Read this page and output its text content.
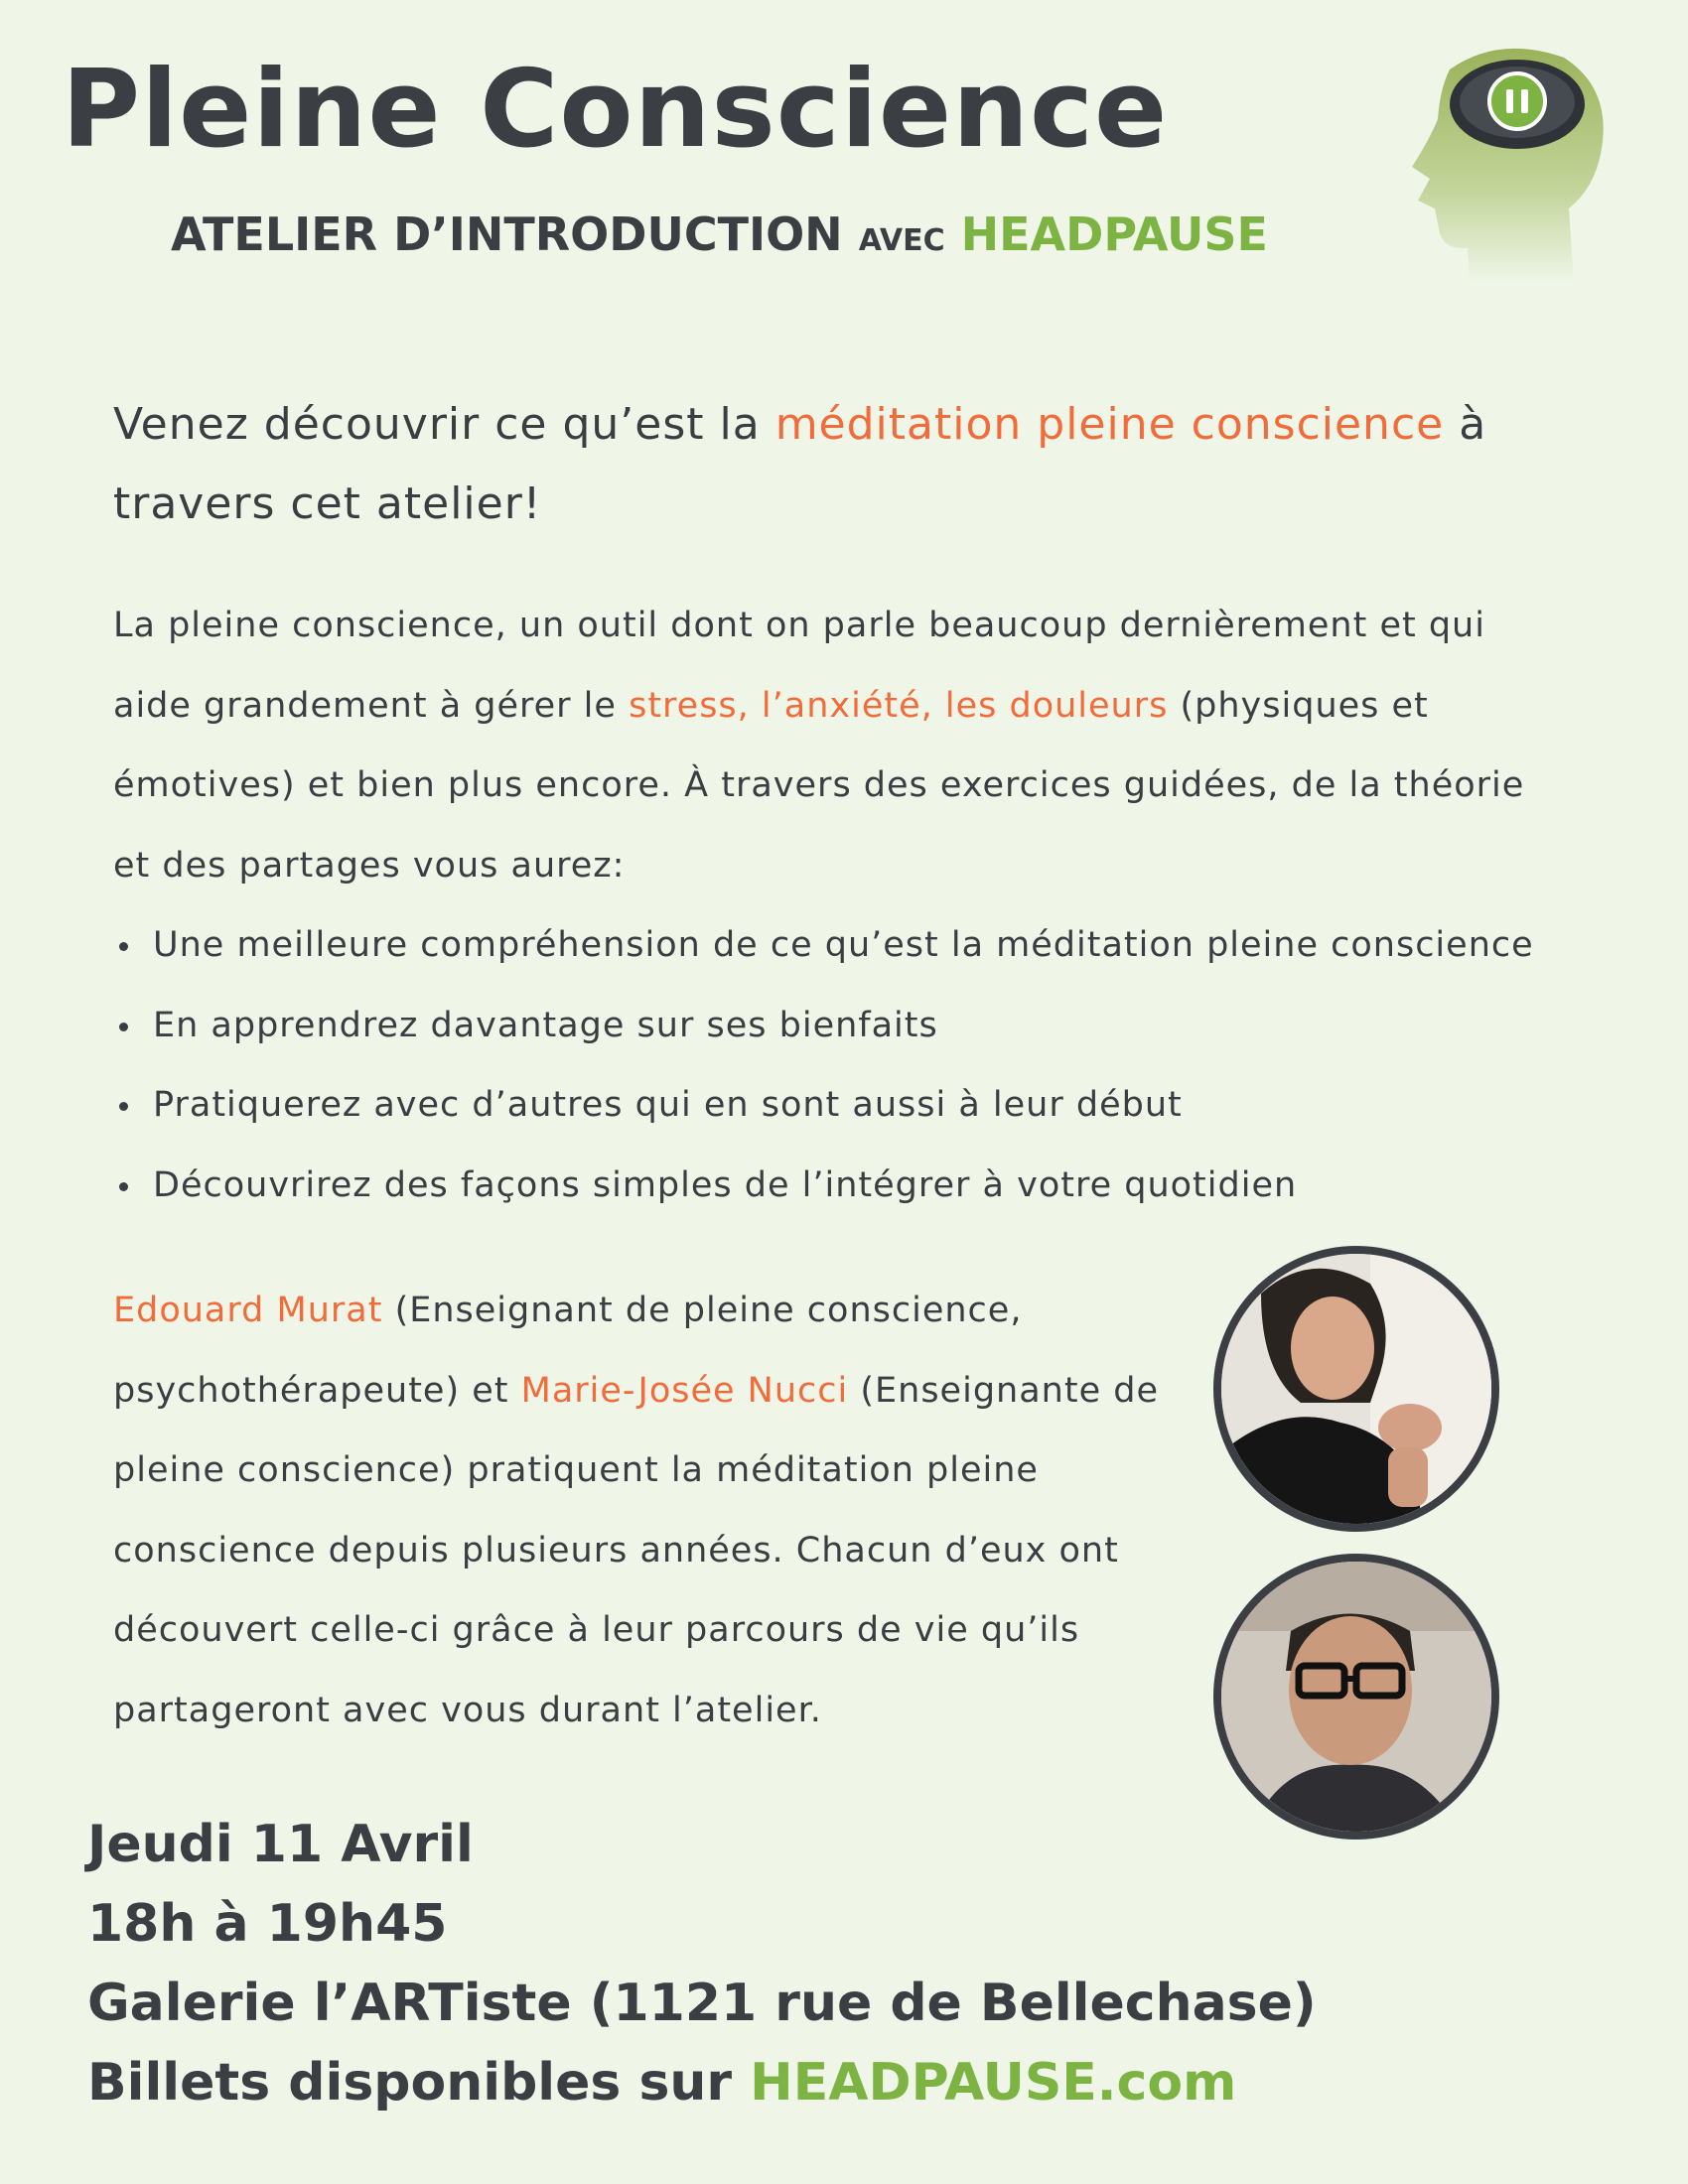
Pleine Conscience
ATELIER D’INTRODUCTION AVEC HEADPAUSE
Venez découvrir ce qu’est la méditation pleine conscience à travers cet atelier!
La pleine conscience, un outil dont on parle beaucoup dernièrement et qui aide grandement à gérer le stress, l’anxiété, les douleurs (physiques et émotives) et bien plus encore. À travers des exercices guidées, de la théorie et des partages vous aurez:
Une meilleure compréhension de ce qu’est la méditation pleine conscience
En apprendrez davantage sur ses bienfaits
Pratiquerez avec d’autres qui en sont aussi à leur début
Découvrirez des façons simples de l’intégrer à votre quotidien
Edouard Murat (Enseignant de pleine conscience, psychothérapeute) et Marie-Josée Nucci (Enseignante de pleine conscience) pratiquent la méditation pleine conscience depuis plusieurs années. Chacun d’eux ont découvert celle-ci grâce à leur parcours de vie qu’ils partageront avec vous durant l’atelier.
Jeudi 11 Avril
18h à 19h45
Galerie l’ARTiste (1121 rue de Bellechase)
Billets disponibles sur HEADPAUSE.com
